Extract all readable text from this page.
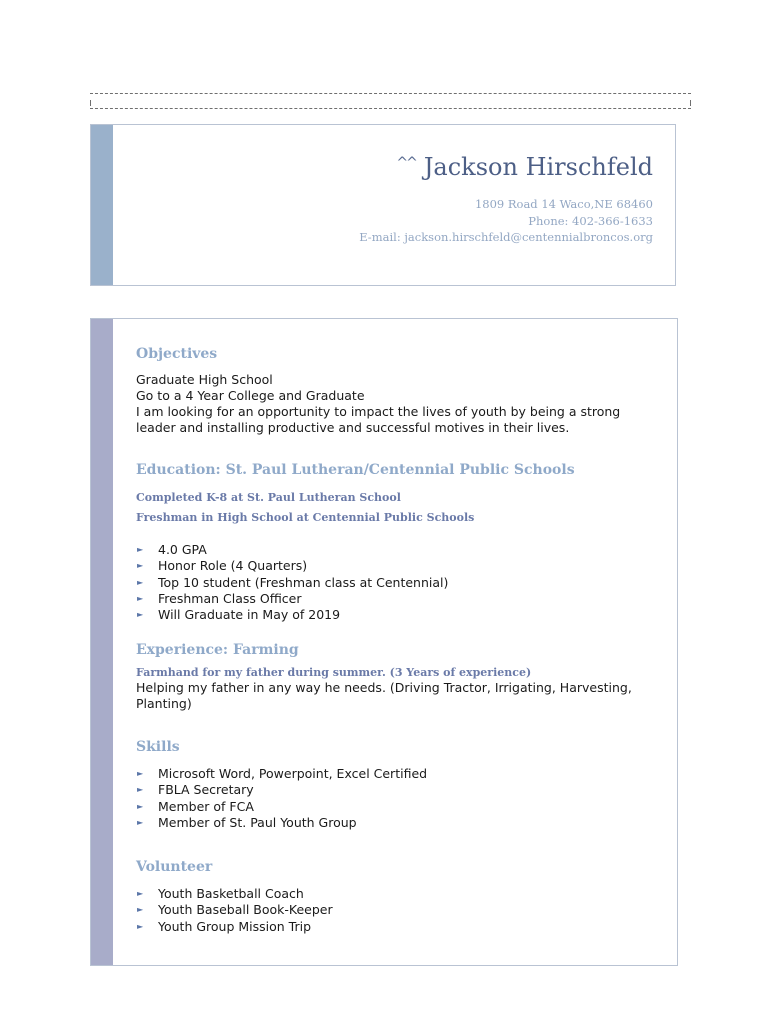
^^ Jackson Hirschfeld
1809 Road 14 Waco,NE 68460
Phone: 402-366-1633
E-mail: jackson.hirschfeld@centennialbroncos.org
Objectives
Graduate High School
Go to a 4 Year College and Graduate
I am looking for an opportunity to impact the lives of youth by being a strong
leader and installing productive and successful motives in their lives.
Education: St. Paul Lutheran/Centennial Public Schools
Completed K-8 at St. Paul Lutheran School
Freshman in High School at Centennial Public Schools
► 4.0 GPA
► Honor Role (4 Quarters)
► Top 10 student (Freshman class at Centennial)
► Freshman Class Officer
► Will Graduate in May of 2019
Experience: Farming
Farmhand for my father during summer. (3 Years of experience)
Helping my father in any way he needs. (Driving Tractor, Irrigating, Harvesting,
Planting)
Skills
► Microsoft Word, Powerpoint, Excel Certified
► FBLA Secretary
► Member of FCA
► Member of St. Paul Youth Group
Volunteer
► Youth Basketball Coach
► Youth Baseball Book-Keeper
► Youth Group Mission Trip
